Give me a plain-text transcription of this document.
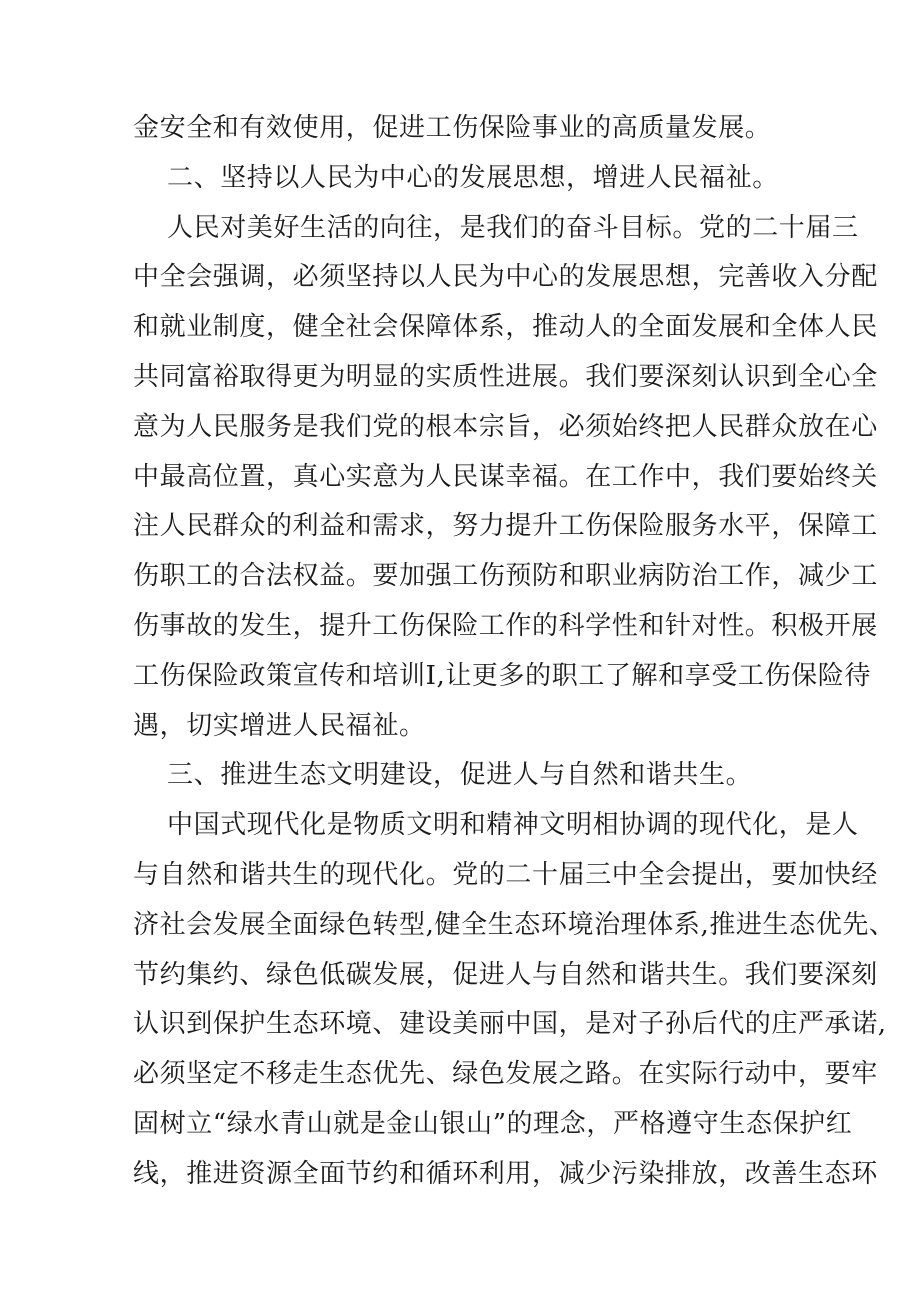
金安全和有效使用，促进工伤保险事业的高质量发展。
二、坚持以人民为中心的发展思想，增进人民福祉。
人民对美好生活的向往，是我们的奋斗目标。党的二十届三
中全会强调，必须坚持以人民为中心的发展思想，完善收入分配
和就业制度，健全社会保障体系，推动人的全面发展和全体人民
共同富裕取得更为明显的实质性进展。我们要深刻认识到全心全
意为人民服务是我们党的根本宗旨，必须始终把人民群众放在心
中最高位置，真心实意为人民谋幸福。在工作中，我们要始终关
注人民群众的利益和需求，努力提升工伤保险服务水平，保障工
伤职工的合法权益。要加强工伤预防和职业病防治工作，减少工
伤事故的发生，提升工伤保险工作的科学性和针对性。积极开展
工伤保险政策宣传和培训I,让更多的职工了解和享受工伤保险待
遇，切实增进人民福祉。
三、推进生态文明建设，促进人与自然和谐共生。
中国式现代化是物质文明和精神文明相协调的现代化，是人
与自然和谐共生的现代化。党的二十届三中全会提出，要加快经
济社会发展全面绿色转型,健全生态环境治理体系,推进生态优先、
节约集约、绿色低碳发展，促进人与自然和谐共生。我们要深刻
认识到保护生态环境、建设美丽中国，是对子孙后代的庄严承诺,
必须坚定不移走生态优先、绿色发展之路。在实际行动中，要牢
固树立“绿水青山就是金山银山”的理念，严格遵守生态保护红
线，推进资源全面节约和循环利用，减少污染排放，改善生态环
